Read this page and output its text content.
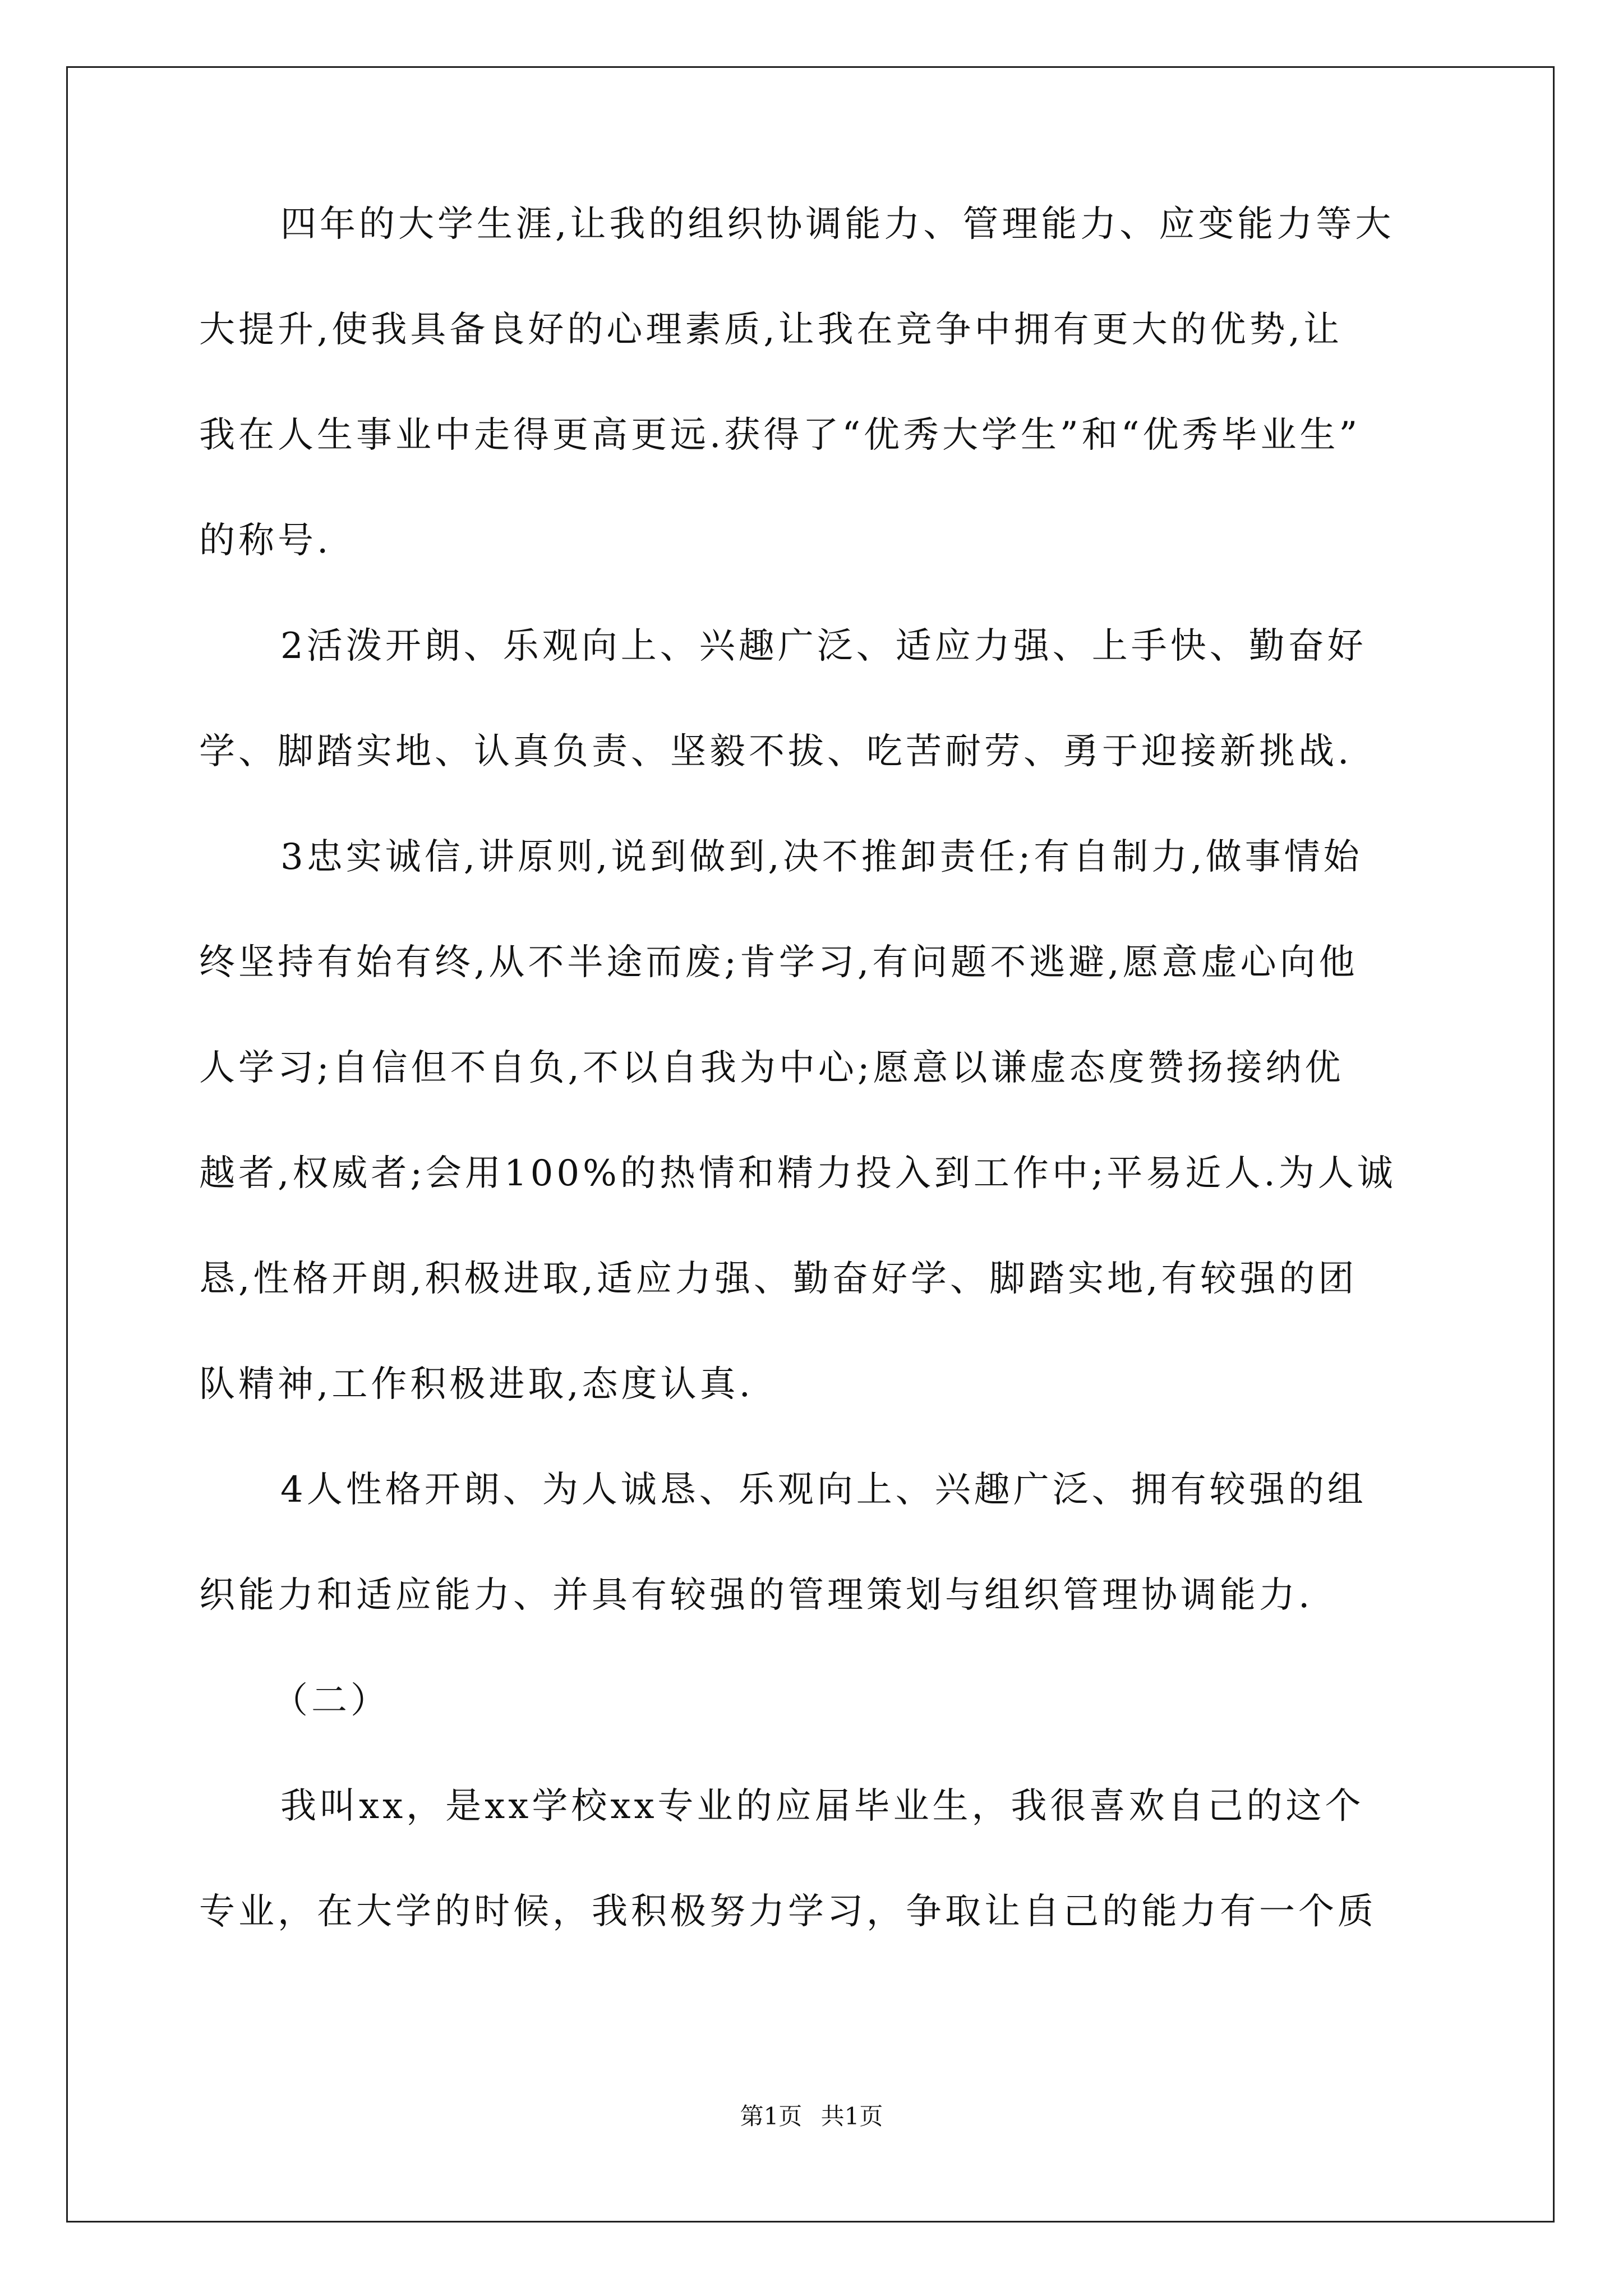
四年的大学生涯,让我的组织协调能力、管理能力、应变能力等大
大提升,使我具备良好的心理素质,让我在竞争中拥有更大的优势,让
我在人生事业中走得更高更远.获得了“优秀大学生”和“优秀毕业生”
的称号.
2活泼开朗、乐观向上、兴趣广泛、适应力强、上手快、勤奋好
学、脚踏实地、认真负责、坚毅不拔、吃苦耐劳、勇于迎接新挑战.
3忠实诚信,讲原则,说到做到,决不推卸责任;有自制力,做事情始
终坚持有始有终,从不半途而废;肯学习,有问题不逃避,愿意虚心向他
人学习;自信但不自负,不以自我为中心;愿意以谦虚态度赞扬接纳优
越者,权威者;会用100%的热情和精力投入到工作中;平易近人.为人诚
恳,性格开朗,积极进取,适应力强、勤奋好学、脚踏实地,有较强的团
队精神,工作积极进取,态度认真.
4人性格开朗、为人诚恳、乐观向上、兴趣广泛、拥有较强的组
织能力和适应能力、并具有较强的管理策划与组织管理协调能力.
（二）
我叫xx，是xx学校xx专业的应届毕业生，我很喜欢自己的这个
专业，在大学的时候，我积极努力学习，争取让自己的能力有一个质
第1页 共1页
